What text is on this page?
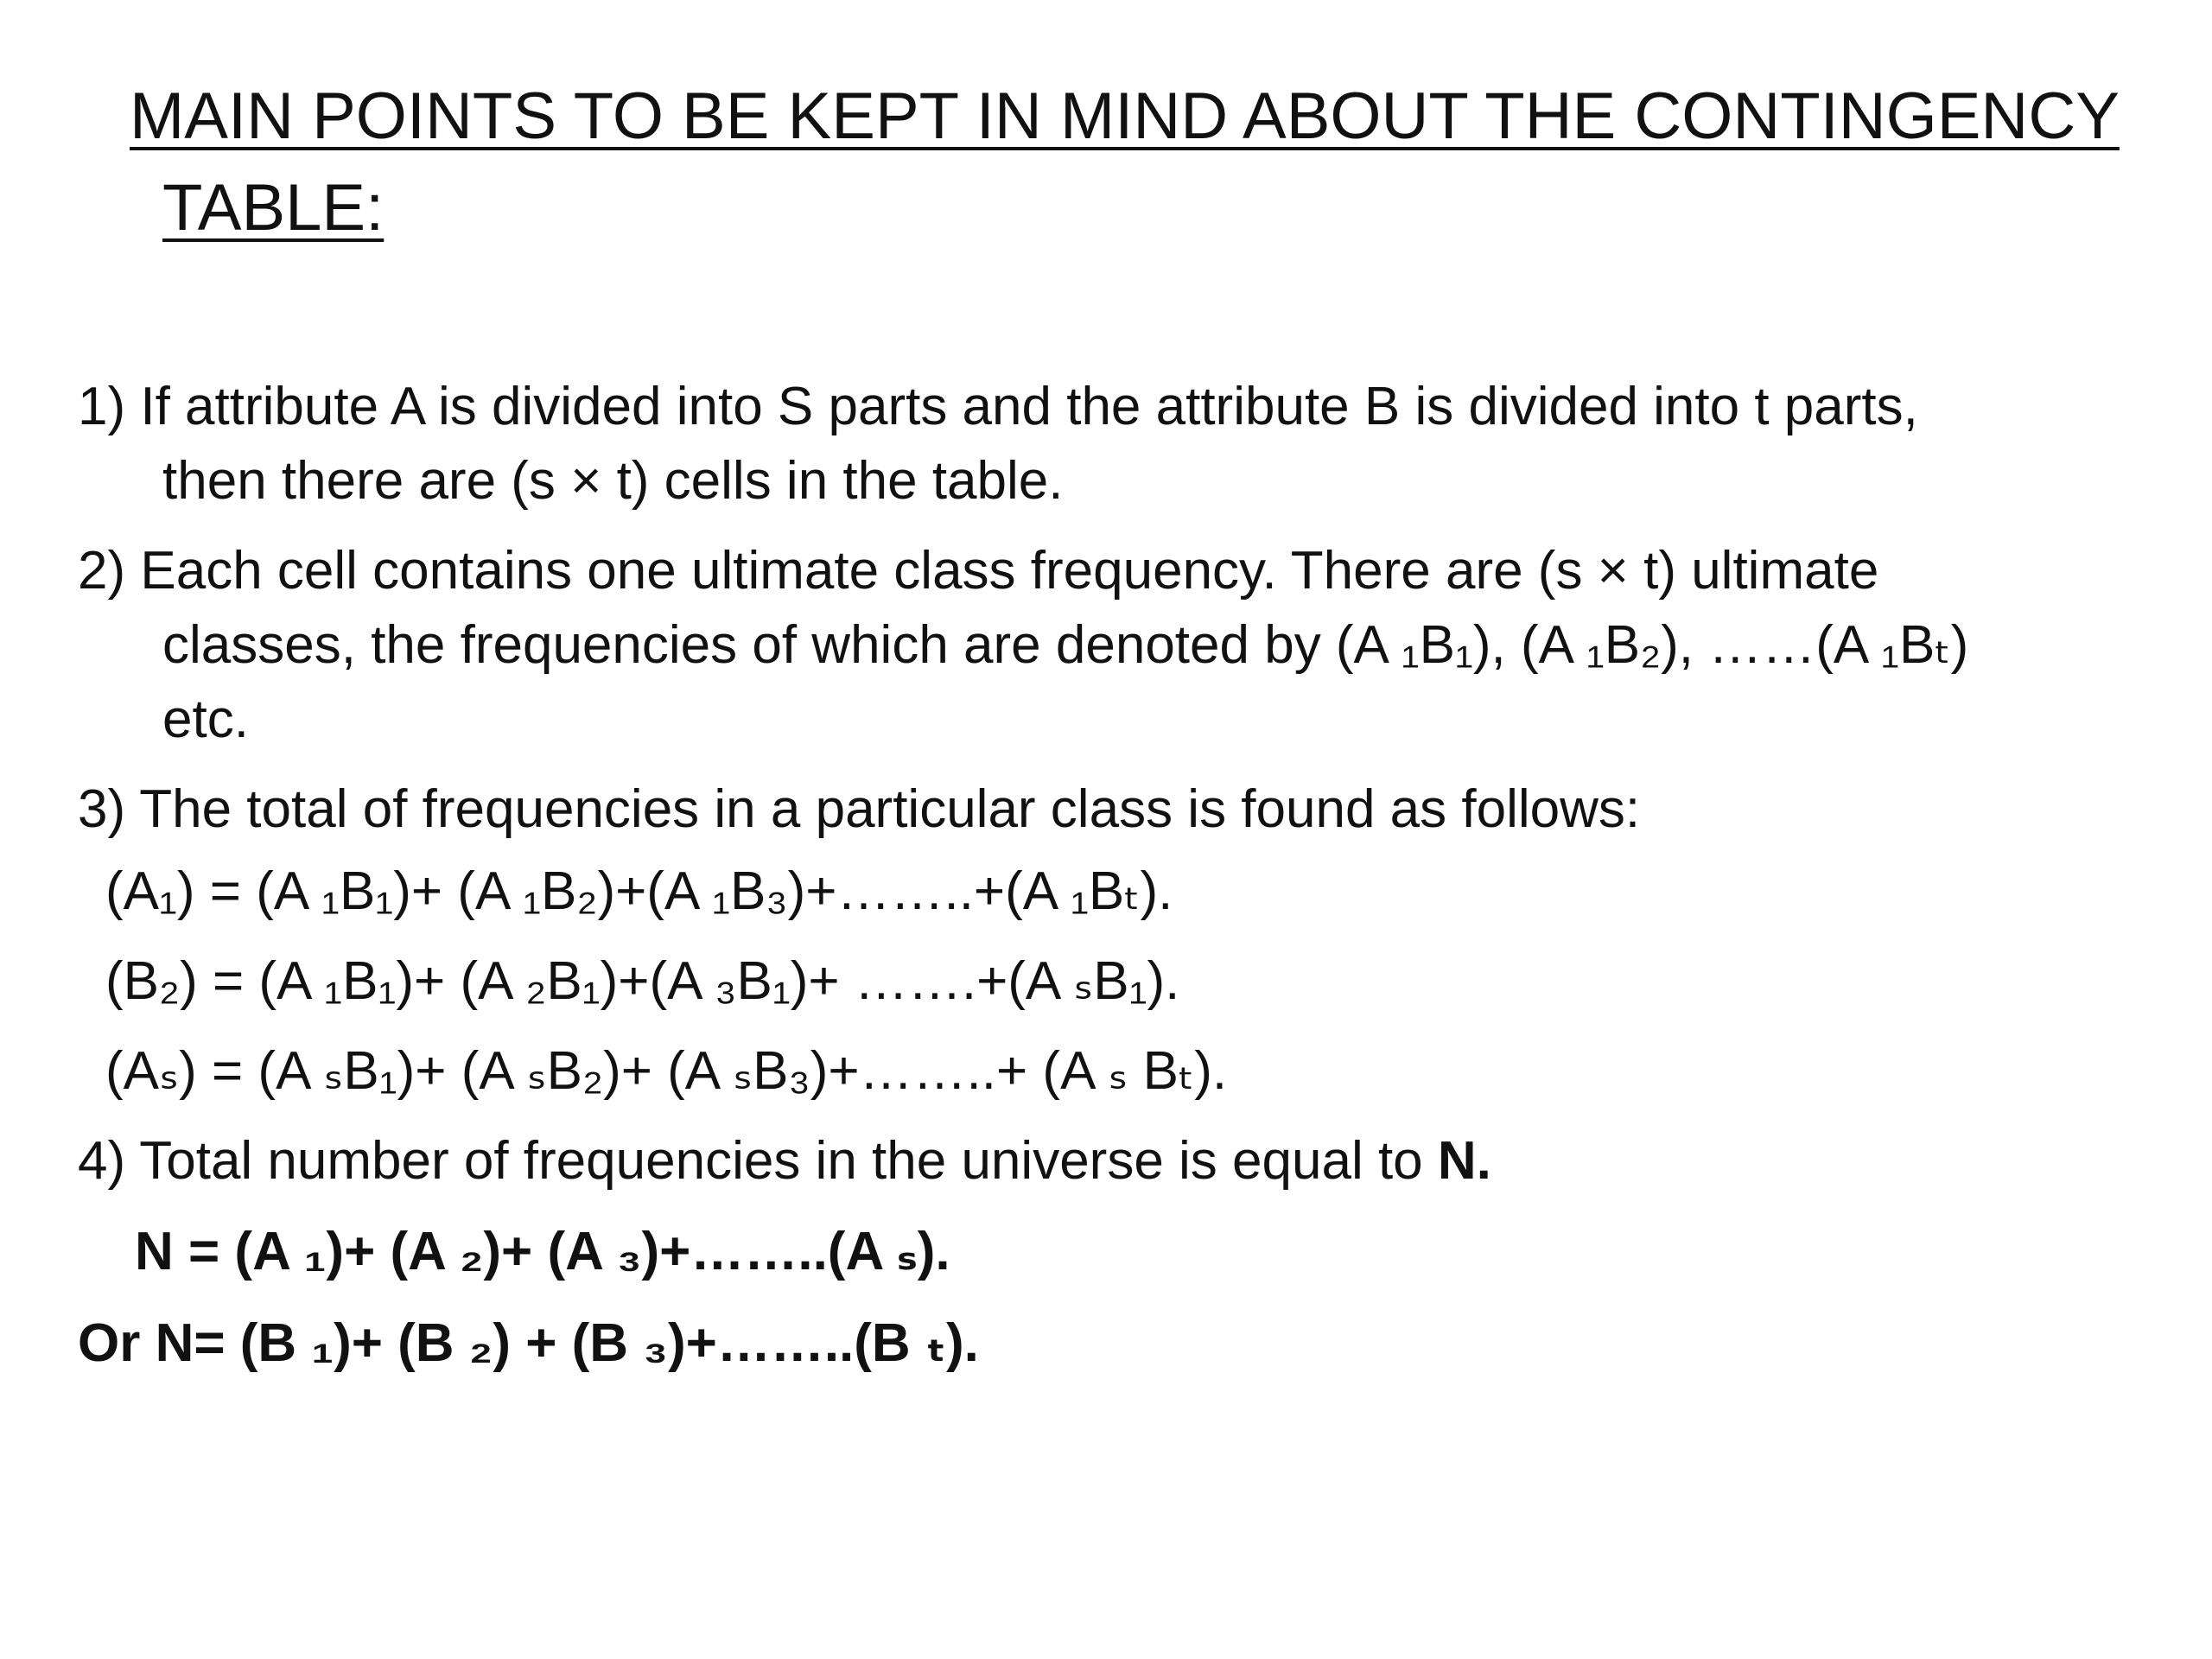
MAIN POINTS TO BE KEPT IN MIND ABOUT THE CONTINGENCY
TABLE:

1) If attribute A is divided into S parts and the attribute B is divided into t parts,
then there are (s × t) cells in the table.

2) Each cell contains one ultimate class frequency. There are (s × t) ultimate
classes, the frequencies of which are denoted by (A ₁B₁), (A ₁B₂), ……(A ₁Bₜ)
etc.

3) The total of frequencies in a particular class is found as follows:

(A₁) = (A ₁B₁)+ (A ₁B₂)+(A ₁B₃)+……..+(A ₁Bₜ).

(B₂) = (A ₁B₁)+ (A ₂B₁)+(A ₃B₁)+ …….+(A ₛB₁).

(Aₛ) = (A ₛB₁)+ (A ₛB₂)+ (A ₛB₃)+……..+ (A ₛ Bₜ).

4) Total number of frequencies in the universe is equal to N.

N = (A ₁)+ (A ₂)+ (A ₃)+……..(A ₛ).

Or N= (B ₁)+ (B ₂) + (B ₃)+……..(B ₜ).
